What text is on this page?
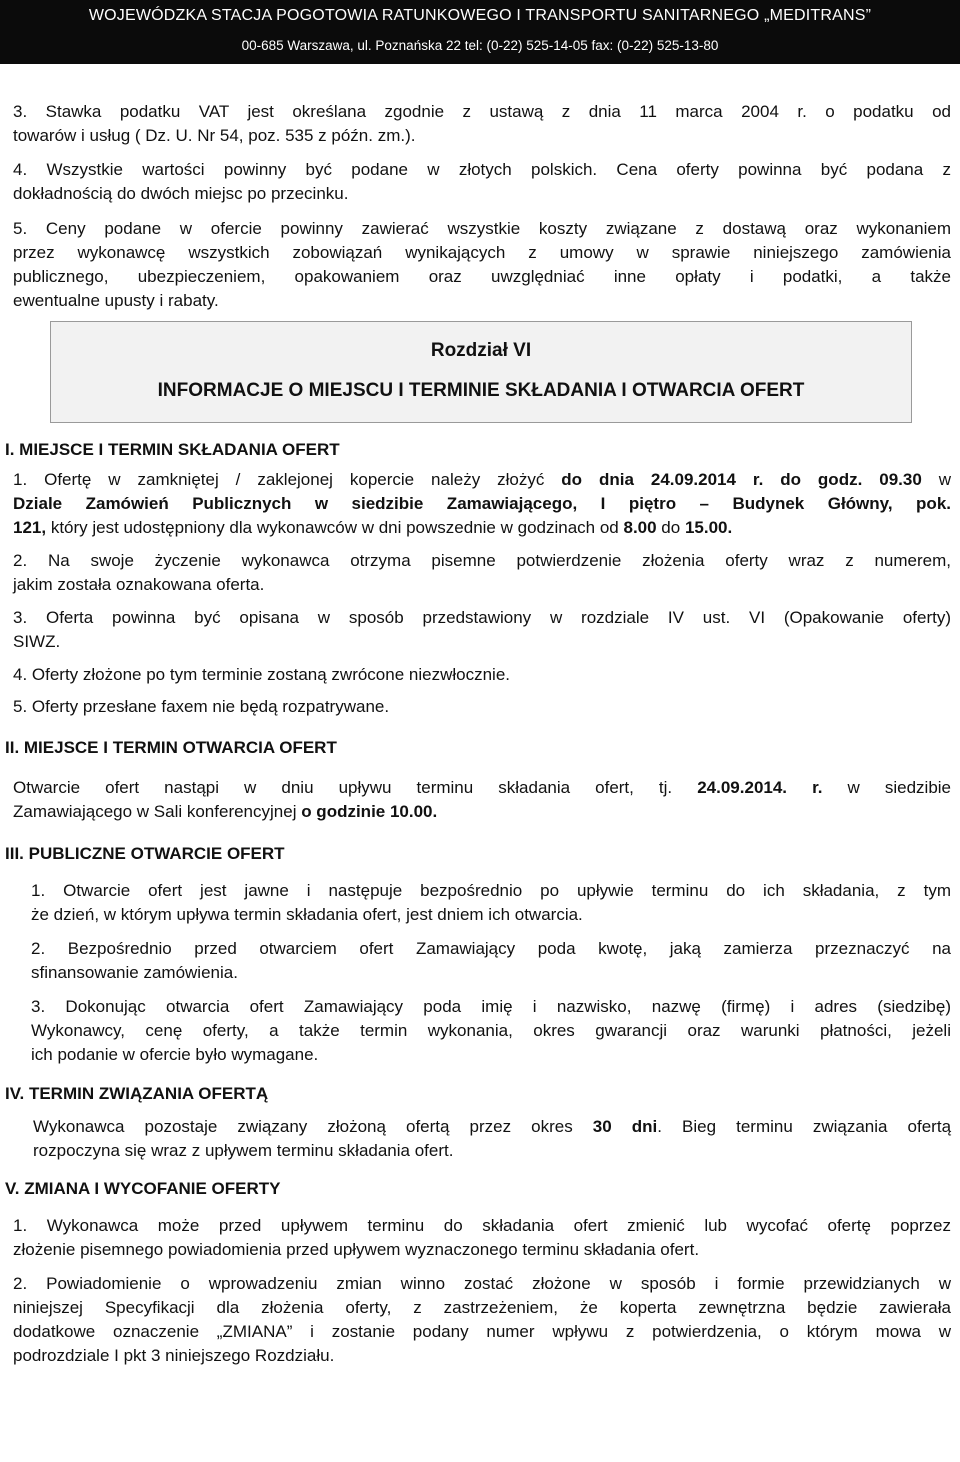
WOJEWÓDZKA STACJA POGOTOWIA RATUNKOWEGO I TRANSPORTU SANITARNEGO „MEDITRANS”
00-685 Warszawa, ul. Poznańska 22 tel: (0-22) 525-14-05 fax: (0-22) 525-13-80
3. Stawka podatku VAT jest określana zgodnie z ustawą z dnia 11 marca 2004 r. o podatku od
towarów i usług ( Dz. U. Nr 54, poz. 535 z późn. zm.).
4. Wszystkie wartości powinny być podane w złotych polskich. Cena oferty powinna być podana z
dokładnością do dwóch miejsc po przecinku.
5. Ceny podane w ofercie powinny zawierać wszystkie koszty związane z dostawą oraz wykonaniem
przez wykonawcę wszystkich zobowiązań wynikających z umowy w sprawie niniejszego zamówienia
publicznego, ubezpieczeniem, opakowaniem oraz uwzględniać inne opłaty i podatki, a także
ewentualne upusty i rabaty.
Rozdział VI
INFORMACJE O MIEJSCU I TERMINIE SKŁADANIA I OTWARCIA OFERT
I. MIEJSCE I TERMIN SKŁADANIA OFERT
1. Ofertę w zamkniętej / zaklejonej kopercie należy złożyć do dnia 24.09.2014 r. do godz. 09.30 w
Dziale Zamówień Publicznych w siedzibie Zamawiającego, I piętro – Budynek Główny, pok.
121, który jest udostępniony dla wykonawców w dni powszednie w godzinach od 8.00 do 15.00.
2. Na swoje życzenie wykonawca otrzyma pisemne potwierdzenie złożenia oferty wraz z numerem,
jakim została oznakowana oferta.
3. Oferta powinna być opisana w sposób przedstawiony w rozdziale IV ust. VI (Opakowanie oferty)
SIWZ.
4. Oferty złożone po tym terminie zostaną zwrócone niezwłocznie.
5. Oferty przesłane faxem nie będą rozpatrywane.
II. MIEJSCE I TERMIN OTWARCIA OFERT
Otwarcie ofert nastąpi w dniu upływu terminu składania ofert, tj. 24.09.2014. r. w siedzibie
Zamawiającego w Sali konferencyjnej o godzinie 10.00.
III. PUBLICZNE OTWARCIE OFERT
1. Otwarcie ofert jest jawne i następuje bezpośrednio po upływie terminu do ich składania, z tym
że dzień, w którym upływa termin składania ofert, jest dniem ich otwarcia.
2. Bezpośrednio przed otwarciem ofert Zamawiający poda kwotę, jaką zamierza przeznaczyć na
sfinansowanie zamówienia.
3. Dokonując otwarcia ofert Zamawiający poda imię i nazwisko, nazwę (firmę) i adres (siedzibę)
Wykonawcy, cenę oferty, a także termin wykonania, okres gwarancji oraz warunki płatności, jeżeli
ich podanie w ofercie było wymagane.
IV. TERMIN ZWIĄZANIA OFERTĄ
Wykonawca pozostaje związany złożoną ofertą przez okres 30 dni. Bieg terminu związania ofertą
rozpoczyna się wraz z upływem terminu składania ofert.
V. ZMIANA I WYCOFANIE OFERTY
1. Wykonawca może przed upływem terminu do składania ofert zmienić lub wycofać ofertę poprzez
złożenie pisemnego powiadomienia przed upływem wyznaczonego terminu składania ofert.
2. Powiadomienie o wprowadzeniu zmian winno zostać złożone w sposób i formie przewidzianych w
niniejszej Specyfikacji dla złożenia oferty, z zastrzeżeniem, że koperta zewnętrzna będzie zawierała
dodatkowe oznaczenie „ZMIANA” i zostanie podany numer wpływu z potwierdzenia, o którym mowa w
podrozdziale I pkt 3 niniejszego Rozdziału.
